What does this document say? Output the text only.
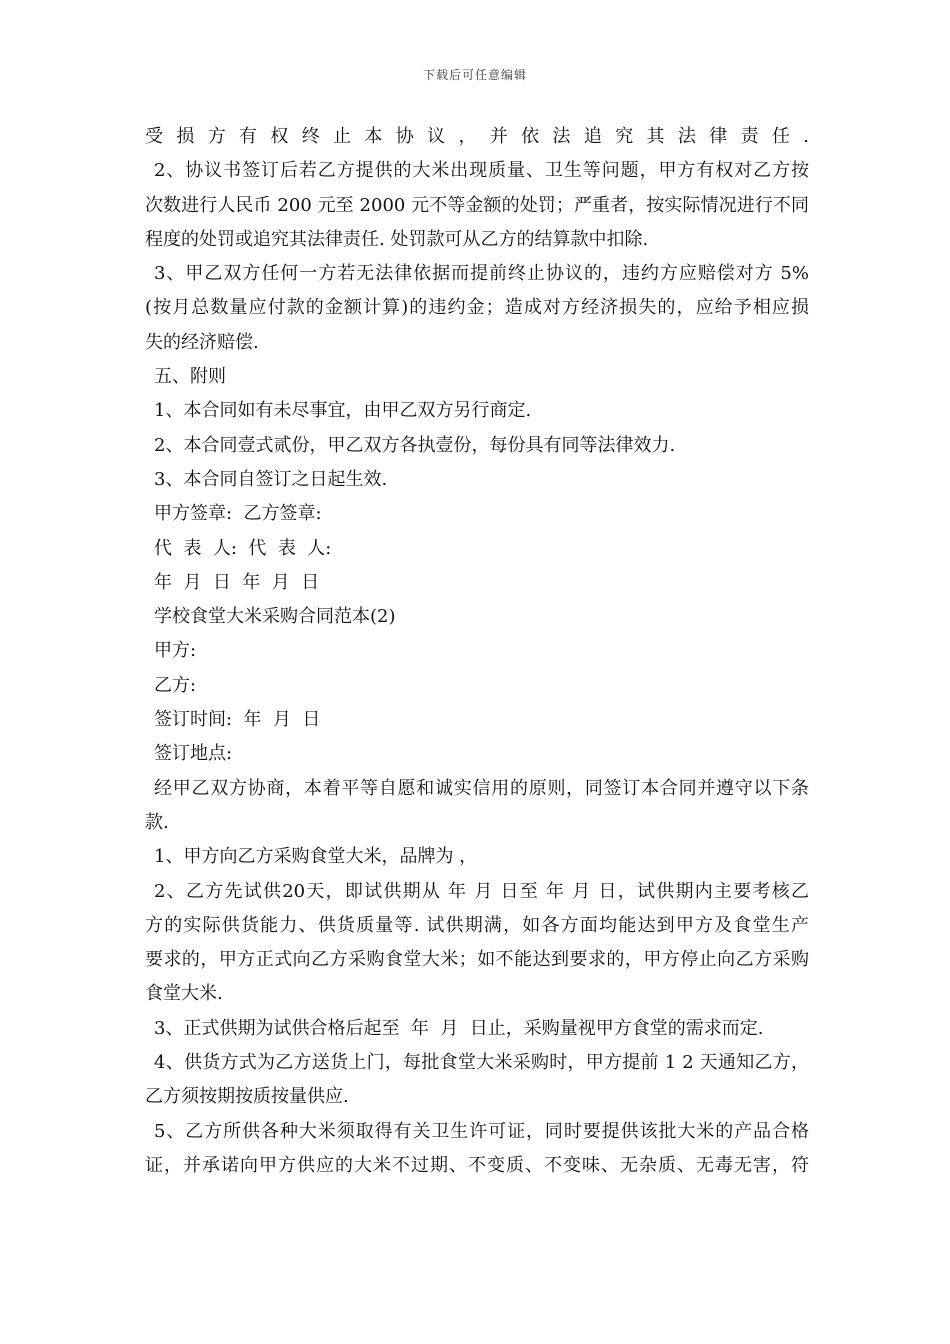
下载后可任意编辑
受损方有权终止本协议，并依法追究其法律责任.
2、协议书签订后若乙方提供的大米出现质量、卫生等问题，甲方有权对乙方按
次数进行人民币 200 元至 2000 元不等金额的处罚；严重者，按实际情况进行不同
程度的处罚或追究其法律责任. 处罚款可从乙方的结算款中扣除.
3、甲乙双方任何一方若无法律依据而提前终止协议的，违约方应赔偿对方 5%
(按月总数量应付款的金额计算)的违约金；造成对方经济损失的，应给予相应损
失的经济赔偿.
五、附则
1、本合同如有未尽事宜，由甲乙双方另行商定.
2、本合同壹式贰份，甲乙双方各执壹份，每份具有同等法律效力.
3、本合同自签订之日起生效.
甲方签章:  乙方签章:
代  表  人:  代  表  人:
年  月  日  年  月  日
学校食堂大米采购合同范本(2)
甲方:
乙方:
签订时间:  年  月  日
签订地点:
经甲乙双方协商，本着平等自愿和诚实信用的原则，同签订本合同并遵守以下条
款.
1、甲方向乙方采购食堂大米，品牌为 ，
2、乙方先试供20天，即试供期从 年 月 日至 年 月 日，试供期内主要考核乙
方的实际供货能力、供货质量等. 试供期满，如各方面均能达到甲方及食堂生产
要求的，甲方正式向乙方采购食堂大米；如不能达到要求的，甲方停止向乙方采购
食堂大米.
3、正式供期为试供合格后起至  年  月  日止，采购量视甲方食堂的需求而定.
4、供货方式为乙方送货上门，每批食堂大米采购时，甲方提前 1 2 天通知乙方，
乙方须按期按质按量供应.
5、乙方所供各种大米须取得有关卫生许可证，同时要提供该批大米的产品合格
证，并承诺向甲方供应的大米不过期、不变质、不变味、无杂质、无毒无害，符
